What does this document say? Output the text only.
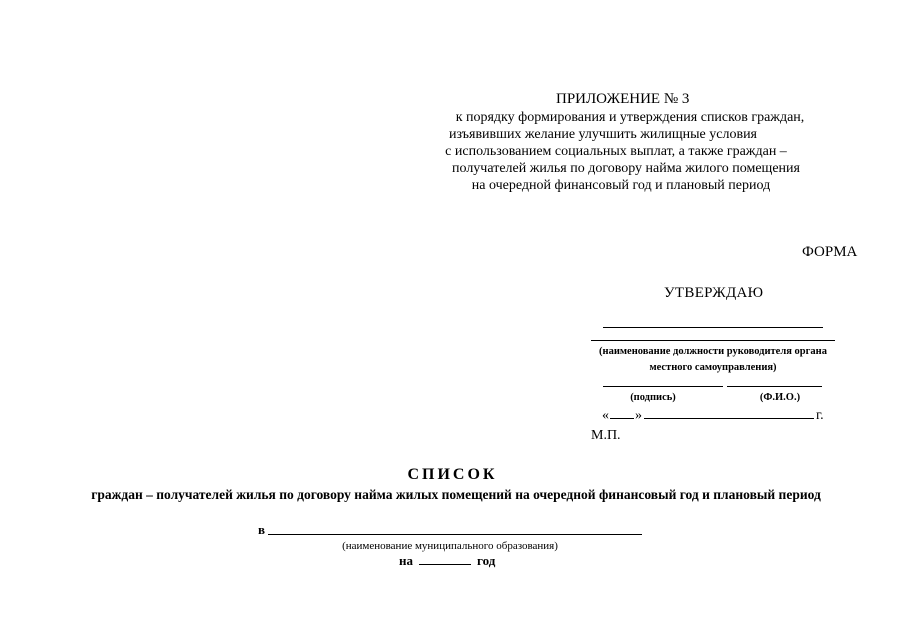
ПРИЛОЖЕНИЕ № 3
к порядку формирования и утверждения списков граждан,
изъявивших желание улучшить жилищные условия
с использованием социальных выплат, а также граждан –
получателей жилья по договору найма жилого помещения
на очередной финансовый год и плановый период
ФОРМА
УТВЕРЖДАЮ
(наименование должности руководителя органа
местного самоуправления)
(подпись)	(Ф.И.О.)
« »	г.
М.П.
СПИСОК
граждан – получателей жилья по договору найма жилых помещений на очередной финансовый год и плановый период
в
(наименование муниципального образования)
на	год
